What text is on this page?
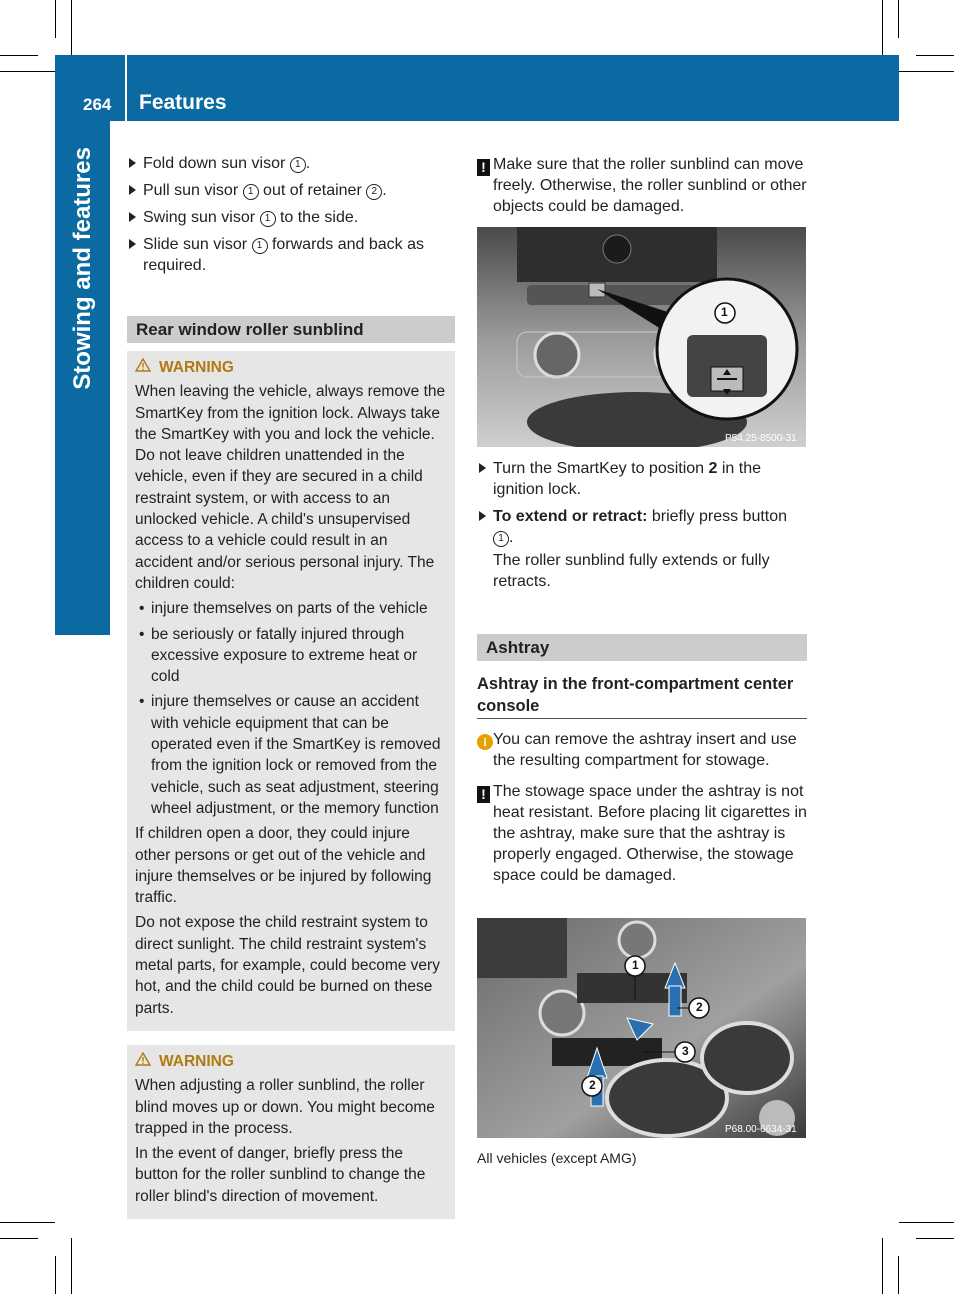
264 Features
Stowing and features	Fold down sun visor 1 .
Pull sun visor 1 out of retainer 2 .
Swing sun visor 1 to the side.
Slide sun visor 1 forwards and back as required.
Rear window roller sunblind
WARNING

When leaving the vehicle, always remove the SmartKey from the ignition lock. Always take the SmartKey with you and lock the vehicle. Do not leave children unattended in the vehicle, even if they are secured in a child restraint system, or with access to an unlocked vehicle. A child's unsupervised access to a vehicle could result in an accident and/or serious personal injury. The children could:

• injure themselves on parts of the vehicle
• be seriously or fatally injured through excessive exposure to extreme heat or cold
• injure themselves or cause an accident with vehicle equipment that can be operated even if the SmartKey is removed from the ignition lock or removed from the vehicle, such as seat adjustment, steering wheel adjustment, or the memory function

If children open a door, they could injure other persons or get out of the vehicle and injure themselves or be injured by following traffic.

Do not expose the child restraint system to direct sunlight. The child restraint system's metal parts, for example, could become very hot, and the child could be burned on these parts.

WARNING

When adjusting a roller sunblind, the roller blind moves up or down. You might become trapped in the process.

In the event of danger, briefly press the button for the roller sunblind to change the roller blind's direction of movement.

! Make sure that the roller sunblind can move freely. Otherwise, the roller sunblind or other objects could be damaged.
1
P54.25-8500-31
Turn the SmartKey to position 2 in the ignition lock.
To extend or retract: briefly press button 1 .
The roller sunblind fully extends or fully retracts.
Ashtray
Ashtray in the front-compartment center console
i You can remove the ashtray insert and use the resulting compartment for stowage.
! The stowage space under the ashtray is not heat resistant. Before placing lit cigarettes in the ashtray, make sure that the ashtray is properly engaged. Otherwise, the stowage space could be damaged.
1
2
3
2
P68.00-6634-31
All vehicles (except AMG)
